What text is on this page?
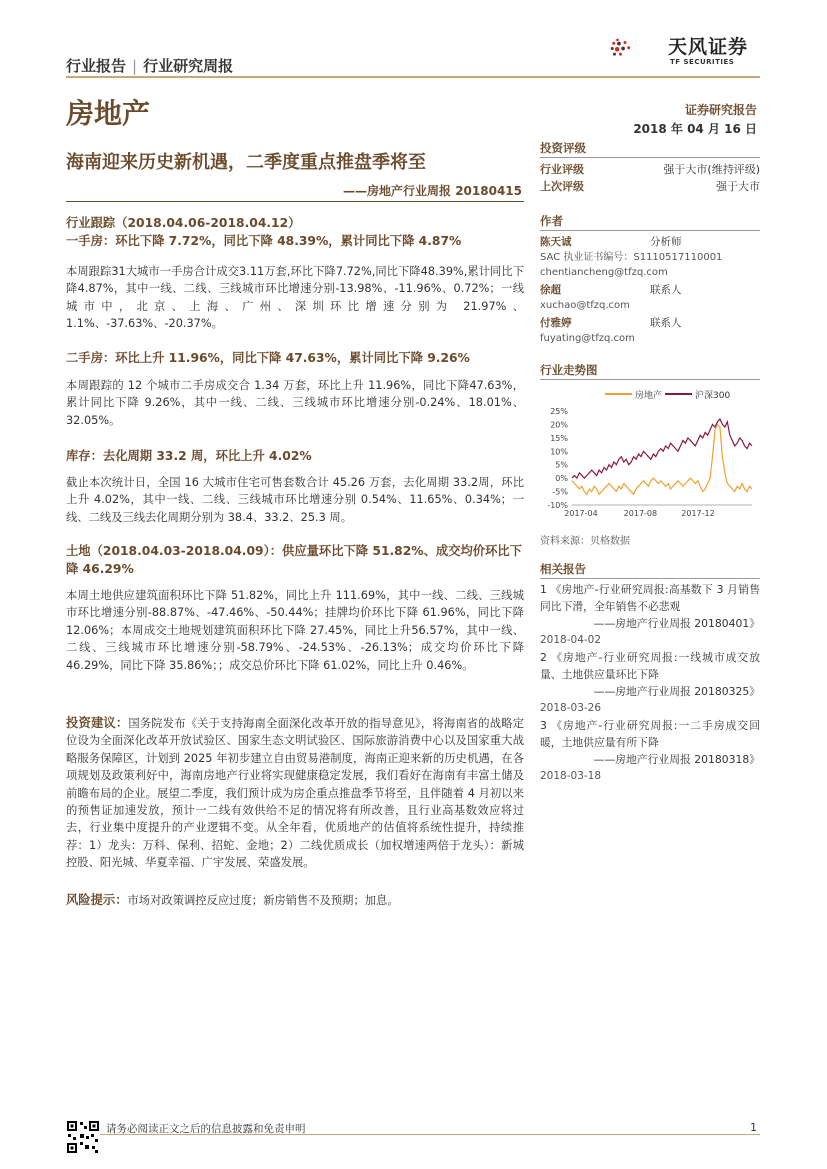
行业报告 | 行业研究周报
天风证券
TF SECURITIES
房地产	证券研究报告
2018 年 04 月 16 日
海南迎来历史新机遇，二季度重点推盘季将至
——房地产行业周报 20180415
行业跟踪（2018.04.06-2018.04.12）
一手房：环比下降 7.72%，同比下降 48.39%，累计同比下降 4.87%

本周跟踪31大城市一手房合计成交3.11万套,环比下降7.72%,同比下降48.39%,累计同比下降4.87%，其中一线、二线、三线城市环比增速分别-13.98%、-11.96%、0.72%；一线城市中，北京、上海、广州、深圳环比增速分别为 21.97%、1.1%、-37.63%、-20.37%。

二手房：环比上升 11.96%，同比下降 47.63%，累计同比下降 9.26%

本周跟踪的 12 个城市二手房成交合 1.34 万套，环比上升 11.96%，同比下降47.63%，累计同比下降 9.26%，其中一线、二线、三线城市环比增速分别-0.24%、18.01%、32.05%。

库存：去化周期 33.2 周，环比上升 4.02%

截止本次统计日，全国 16 大城市住宅可售套数合计 45.26 万套，去化周期 33.2周，环比上升 4.02%，其中一线、二线、三线城市环比增速分别 0.54%、11.65%、0.34%；一线、二线及三线去化周期分别为 38.4、33.2、25.3 周。

土地（2018.04.03-2018.04.09）：供应量环比下降 51.82%、成交均价环比下降 46.29%

本周土地供应建筑面积环比下降 51.82%，同比上升 111.69%，其中一线、二线、三线城市环比增速分别-88.87%、-47.46%、-50.44%；挂牌均价环比下降 61.96%，同比下降 12.06%；本周成交土地规划建筑面积环比下降 27.45%，同比上升56.57%，其中一线、二线、三线城市环比增速分别-58.79%、-24.53%、-26.13%；成交均价环比下降 46.29%，同比下降 35.86%；；成交总价环比下降 61.02%，同比上升 0.46%。

投资建议：国务院发布《关于支持海南全面深化改革开放的指导意见》，将海南省的战略定位设为全面深化改革开放试验区、国家生态文明试验区、国际旅游消费中心以及国家重大战略服务保障区，计划到 2025 年初步建立自由贸易港制度，海南正迎来新的历史机遇，在各项规划及政策利好中，海南房地产行业将实现健康稳定发展，我们看好在海南有丰富土储及前瞻布局的企业。展望二季度，我们预计成为房企重点推盘季节将至，且伴随着 4 月初以来的预售证加速发放，预计一二线有效供给不足的情况将有所改善，且行业高基数效应将过去，行业集中度提升的产业逻辑不变。从全年看，优质地产的估值将系统性提升，持续推荐：1）龙头：万科、保利、招蛇、金地；2）二线优质成长（加权增速两倍于龙头）：新城控股、阳光城、华夏幸福、广宇发展、荣盛发展。

风险提示：市场对政策调控反应过度；新房销售不及预期；加息。

投资评级
行业评级	强于大市(维持评级)
上次评级	强于大市
作者
陈天诚	分析师
SAC 执业证书编号：S1110517110001
chentiancheng@tfzq.com
徐超	联系人
xuchao@tfzq.com
付雅婷	联系人
fuyating@tfzq.com
行业走势图
房地产	沪深300
25%
20%
15%
10%
5%
0%
-5%
-10%
2017-04	2017-08	2017-12
资料来源：贝格数据
相关报告
1 《房地产-行业研究周报:高基数下 3 月销售同比下滑，全年销售不必悲观
——房地产行业周报 20180401》
2018-04-02
2 《房地产-行业研究周报:一线城市成交放量、土地供应量环比下降
——房地产行业周报 20180325》
2018-03-26
3 《房地产-行业研究周报:一二手房成交回暖，土地供应量有所下降
——房地产行业周报 20180318》
2018-03-18
请务必阅读正文之后的信息披露和免责申明	1
